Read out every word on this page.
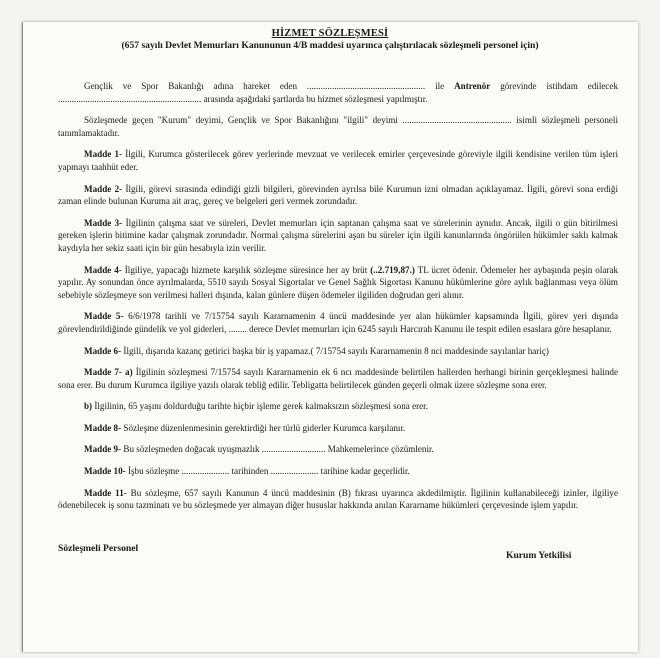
HİZMET SÖZLEŞMESİ
(657 sayılı Devlet Memurları Kanununun 4/B maddesi uyarınca çalıştırılacak sözleşmeli personel için)

Gençlik ve Spor Bakanlığı adına hareket eden .................................................... ile Antrenör görevinde istihdam edilecek ............................................................... arasında aşağıdaki şartlarda bu hizmet sözleşmesi yapılmıştır.

Sözleşmede geçen "Kurum" deyimi, Gençlik ve Spor Bakanlığını "ilgili" deyimi ................................................ isimli sözleşmeli personeli tanımlamaktadır.

Madde 1- İlgili, Kurumca gösterilecek görev yerlerinde mevzuat ve verilecek emirler çerçevesinde göreviyle ilgili kendisine verilen tüm işleri yapmayı taahhüt eder.

Madde 2- İlgili, görevi sırasında edindiği gizli bilgileri, görevinden ayrılsa bile Kurumun izni olmadan açıklayamaz. İlgili, görevi sona erdiği zaman elinde bulunan Kuruma ait araç, gereç ve belgeleri geri vermek zorundadır.

Madde 3- İlgilinin çalışma saat ve süreleri, Devlet memurları için saptanan çalışma saat ve sürelerinin aynıdır. Ancak, ilgili o gün bitirilmesi gereken işlerin bitimine kadar çalışmak zorundadır. Normal çalışma sürelerini aşan bu süreler için ilgili kanunlarında öngörülen hükümler saklı kalmak kaydıyla her sekiz saati için bir gün hesabıyla izin verilir.

Madde 4- İlgiliye, yapacağı hizmete karşılık sözleşme süresince her ay brüt (..2.719,87.) TL ücret ödenir. Ödemeler her aybaşında peşin olarak yapılır. Ay sonundan önce ayrılmalarda, 5510 sayılı Sosyal Sigortalar ve Genel Sağlık Sigortası Kanunu hükümlerine göre aylık bağlanması veya ölüm sebebiyle sözleşmeye son verilmesi halleri dışında, kalan günlere düşen ödemeler ilgiliden doğrudan geri alınır.

Madde 5- 6/6/1978 tarihli ve 7/15754 sayılı Kararnamenin 4 üncü maddesinde yer alan hükümler kapsamında İlgili, görev yeri dışında görevlendirildiğinde gündelik ve yol giderleri, ........ derece Devlet memurları için 6245 sayılı Harcırah Kanunu ile tespit edilen esaslara göre hesaplanır.

Madde 6- İlgili, dışarıda kazanç getirici başka bir iş yapamaz.( 7/15754 sayılı Kararnamenin 8 nci maddesinde sayılanlar hariç)

Madde 7- a) İlgilinin sözleşmesi 7/15754 sayılı Kararnamenin ek 6 ncı maddesinde belirtilen hallerden herhangi birinin gerçekleşmesi halinde sona erer. Bu durum Kurumca ilgiliye yazılı olarak tebliğ edilir. Tebligatta belirtilecek günden geçerli olmak üzere sözleşme sona erer.

b) İlgilinin, 65 yaşını doldurduğu tarihte hiçbir işleme gerek kalmaksızın sözleşmesi sona erer.

Madde 8- Sözleşme düzenlenmesinin gerektirdiği her türlü giderler Kurumca karşılanır.

Madde 9- Bu sözleşmeden doğacak uyuşmazlık ............................ Mahkemelerince çözümlenir.

Madde 10- İşbu sözleşme ..................... tarihinden ..................... tarihine kadar geçerlidir.

Madde 11- Bu sözleşme, 657 sayılı Kanunun 4 üncü maddesinin (B) fıkrası uyarınca akdedilmiştir. İlgilinin kullanabileceği izinler, ilgiliye ödenebilecek iş sonu tazminatı ve bu sözleşmede yer almayan diğer hususlar hakkında anılan Kararname hükümleri çerçevesinde işlem yapılır.

Sözleşmeli Personel
Kurum Yetkilisi
